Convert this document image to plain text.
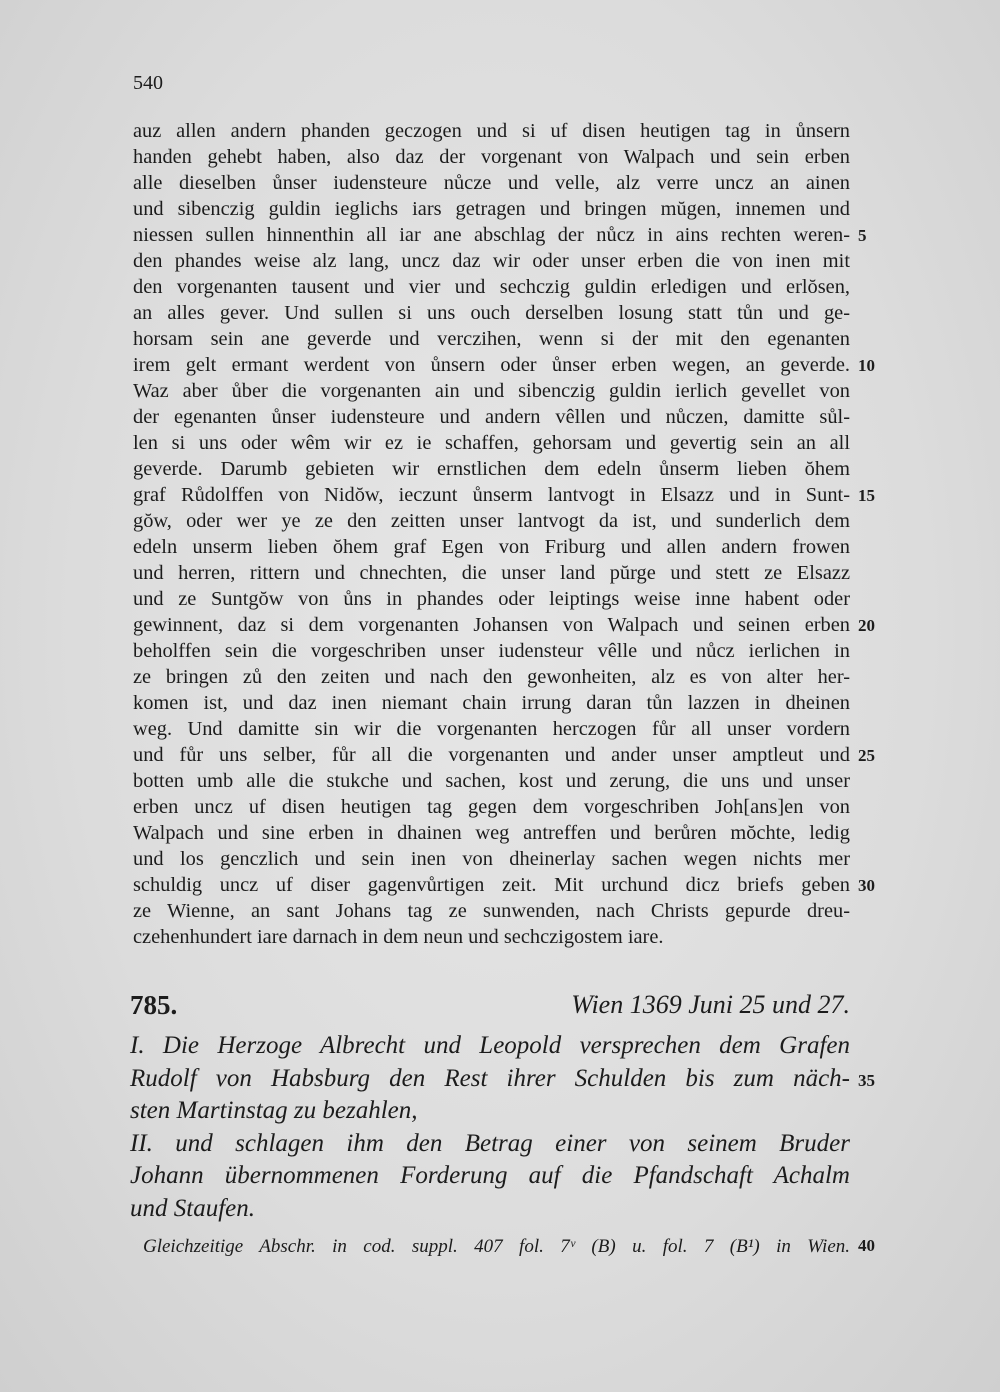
540
auz allen andern phanden geczogen und si uf disen heutigen tag in ůnsern
handen gehebt haben, also daz der vorgenant von Walpach und sein erben
alle dieselben ůnser iudensteure nůcze und velle, alz verre uncz an ainen
und sibenczig guldin ieglichs iars getragen und bringen mŭgen, innemen und
niessen sullen hinnenthin all iar ane abschlag der nůcz in ains rechten weren-
den phandes weise alz lang, uncz daz wir oder unser erben die von inen mit
den vorgenanten tausent und vier und sechczig guldin erledigen und erlŏsen,
an alles gever. Und sullen si uns ouch derselben losung statt tůn und ge-
horsam sein ane geverde und verczihen, wenn si der mit den egenanten
irem gelt ermant werdent von ůnsern oder ůnser erben wegen, an geverde.
Waz aber ůber die vorgenanten ain und sibenczig guldin ierlich gevellet von
der egenanten ůnser iudensteure und andern vêllen und nůczen, damitte sůl-
len si uns oder wêm wir ez ie schaffen, gehorsam und gevertig sein an all
geverde. Darumb gebieten wir ernstlichen dem edeln ůnserm lieben ŏhem
graf Růdolffen von Nidŏw, ieczunt ůnserm lantvogt in Elsazz und in Sunt-
gŏw, oder wer ye ze den zeitten unser lantvogt da ist, und sunderlich dem
edeln unserm lieben ŏhem graf Egen von Friburg und allen andern frowen
und herren, rittern und chnechten, die unser land pŭrge und stett ze Elsazz
und ze Suntgŏw von ůns in phandes oder leiptings weise inne habent oder
gewinnent, daz si dem vorgenanten Johansen von Walpach und seinen erben
beholffen sein die vorgeschriben unser iudensteur vêlle und nůcz ierlichen in
ze bringen zů den zeiten und nach den gewonheiten, alz es von alter her-
komen ist, und daz inen niemant chain irrung daran tůn lazzen in dheinen
weg. Und damitte sin wir die vorgenanten herczogen fůr all unser vordern
und fůr uns selber, fůr all die vorgenanten und ander unser amptleut und
botten umb alle die stukche und sachen, kost und zerung, die uns und unser
erben uncz uf disen heutigen tag gegen dem vorgeschriben Joh[ans]en von
Walpach und sine erben in dhainen weg antreffen und berůren mŏchte, ledig
und los genczlich und sein inen von dheinerlay sachen wegen nichts mer
schuldig uncz uf diser gagenvůrtigen zeit. Mit urchund dicz briefs geben
ze Wienne, an sant Johans tag ze sunwenden, nach Christs gepurde dreu-
czehenhundert iare darnach in dem neun und sechczigostem iare.
5
10
15
20
25
30
785.	Wien 1369 Juni 25 und 27.
I. Die Herzoge Albrecht und Leopold versprechen dem Grafen
Rudolf von Habsburg den Rest ihrer Schulden bis zum näch-
sten Martinstag zu bezahlen,
II. und schlagen ihm den Betrag einer von seinem Bruder
Johann übernommenen Forderung auf die Pfandschaft Achalm
und Staufen.
35
Gleichzeitige Abschr. in cod. suppl. 407 fol. 7ᵛ (B) u. fol. 7 (B¹) in Wien. 40
